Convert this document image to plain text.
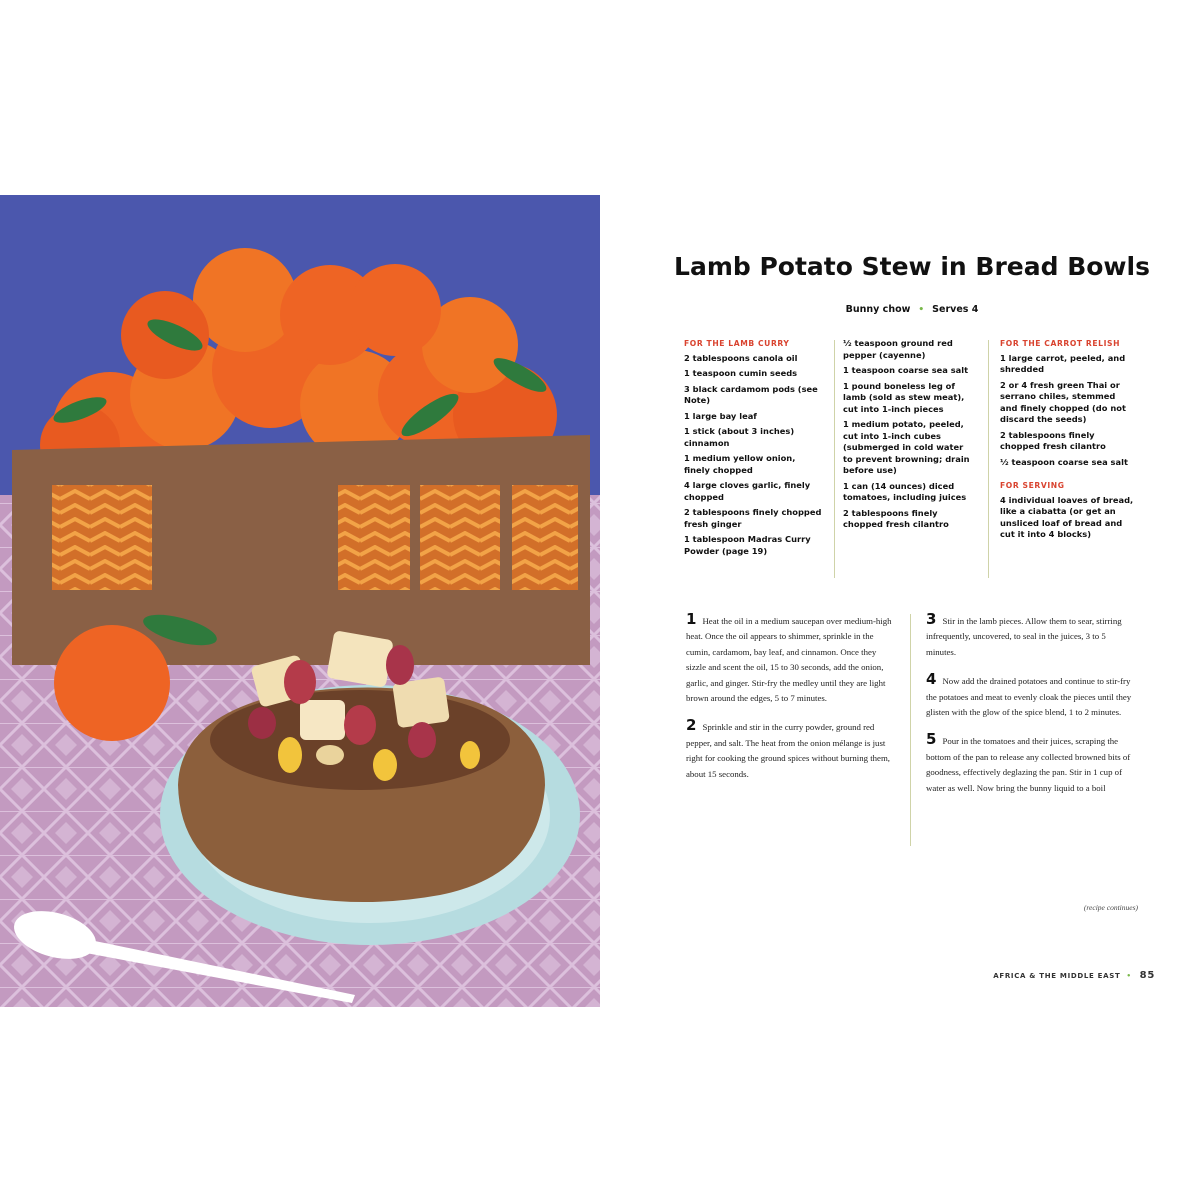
Lamb Potato Stew in Bread Bowls
Bunny chow • Serves 4
FOR THE LAMB CURRY
2 tablespoons canola oil
1 teaspoon cumin seeds
3 black cardamom pods (see Note)
1 large bay leaf
1 stick (about 3 inches) cinnamon
1 medium yellow onion, finely chopped
4 large cloves garlic, finely chopped
2 tablespoons finely chopped fresh ginger
1 tablespoon Madras Curry Powder (page 19)
½ teaspoon ground red pepper (cayenne)
1 teaspoon coarse sea salt
1 pound boneless leg of lamb (sold as stew meat), cut into 1-inch pieces
1 medium potato, peeled, cut into 1-inch cubes (submerged in cold water to prevent browning; drain before use)
1 can (14 ounces) diced tomatoes, including juices
2 tablespoons finely chopped fresh cilantro
FOR THE CARROT RELISH
1 large carrot, peeled, and shredded
2 or 4 fresh green Thai or serrano chiles, stemmed and finely chopped (do not discard the seeds)
2 tablespoons finely chopped fresh cilantro
½ teaspoon coarse sea salt
FOR SERVING
4 individual loaves of bread, like a ciabatta (or get an unsliced loaf of bread and cut it into 4 blocks)
1 Heat the oil in a medium saucepan over medium-high heat. Once the oil appears to shimmer, sprinkle in the cumin, cardamom, bay leaf, and cinnamon. Once they sizzle and scent the oil, 15 to 30 seconds, add the onion, garlic, and ginger. Stir-fry the medley until they are light brown around the edges, 5 to 7 minutes.
2 Sprinkle and stir in the curry powder, ground red pepper, and salt. The heat from the onion mélange is just right for cooking the ground spices without burning them, about 15 seconds.
3 Stir in the lamb pieces. Allow them to sear, stirring infrequently, uncovered, to seal in the juices, 3 to 5 minutes.
4 Now add the drained potatoes and continue to stir-fry the potatoes and meat to evenly cloak the pieces until they glisten with the glow of the spice blend, 1 to 2 minutes.
5 Pour in the tomatoes and their juices, scraping the bottom of the pan to release any collected browned bits of goodness, effectively deglazing the pan. Stir in 1 cup of water as well. Now bring the bunny liquid to a boil
(recipe continues)
AFRICA & THE MIDDLE EAST • 85
